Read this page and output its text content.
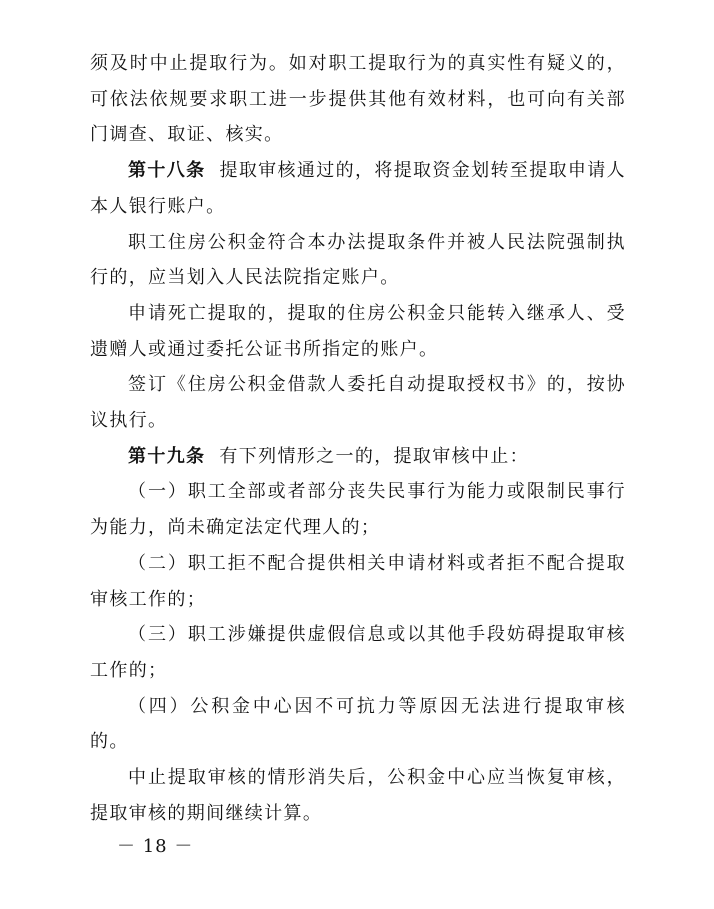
须及时中止提取行为。如对职工提取行为的真实性有疑义的，可依法依规要求职工进一步提供其他有效材料，也可向有关部门调查、取证、核实。

第十八条 提取审核通过的，将提取资金划转至提取申请人本人银行账户。

职工住房公积金符合本办法提取条件并被人民法院强制执行的，应当划入人民法院指定账户。

申请死亡提取的，提取的住房公积金只能转入继承人、受遗赠人或通过委托公证书所指定的账户。

签订《住房公积金借款人委托自动提取授权书》的，按协议执行。

第十九条 有下列情形之一的，提取审核中止：

（一）职工全部或者部分丧失民事行为能力或限制民事行为能力，尚未确定法定代理人的；

（二）职工拒不配合提供相关申请材料或者拒不配合提取审核工作的；

（三）职工涉嫌提供虚假信息或以其他手段妨碍提取审核工作的；

（四）公积金中心因不可抗力等原因无法进行提取审核的。

中止提取审核的情形消失后，公积金中心应当恢复审核，提取审核的期间继续计算。

－ 18 －
